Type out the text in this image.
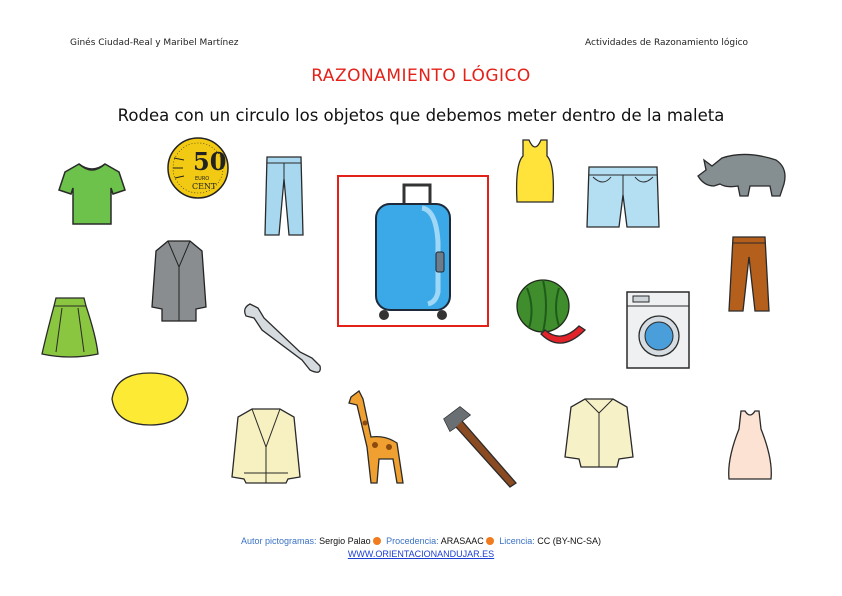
Ginés Ciudad-Real y Maribel Martínez	Actividades de Razonamiento lógico
RAZONAMIENTO LÓGICO
Rodea con un circulo los objetos que debemos meter dentro de la maleta
50
EURO
CENT
Autor pictogramas: Sergio Palao Procedencia: ARASAAC Licencia: CC (BY-NC-SA)
WWW.ORIENTACIONANDUJAR.ES
